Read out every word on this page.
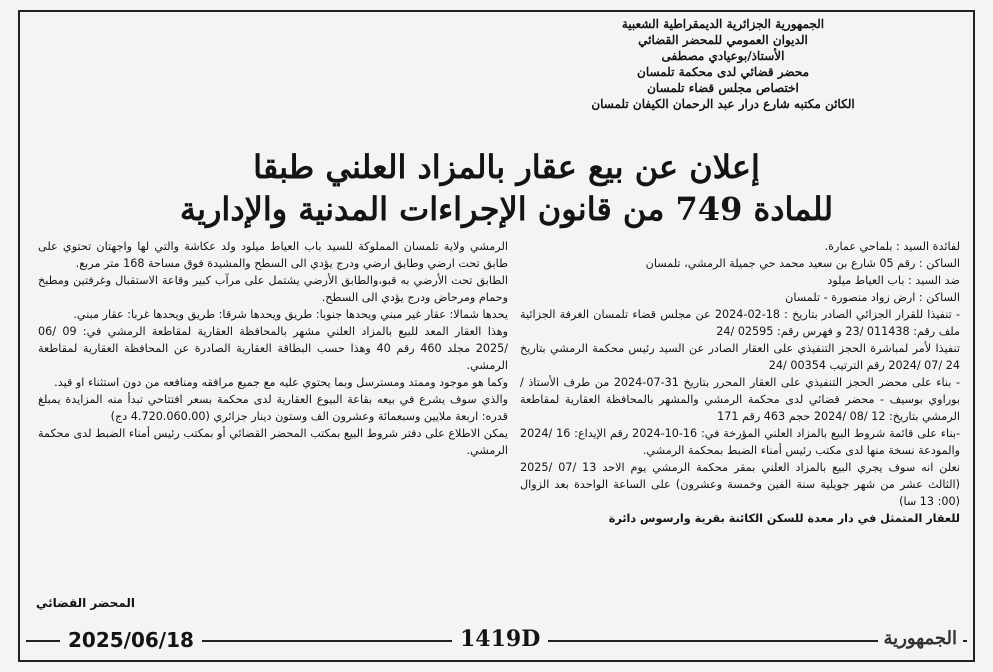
الجمهورية الجزائرية الديمقراطية الشعبية
الديوان العمومي للمحضر القضائي
الأستاذ/بوعيادي مصطفى
محضر قضائي لدى محكمة تلمسان
اختصاص مجلس قضاء تلمسان
الكائن مكتبه شارع درار عبد الرحمان الكيفان تلمسان
إعلان عن بيع عقار بالمزاد العلني طبقا
للمادة 749 من قانون الإجراءات المدنية والإدارية

لفائدة السيد : بلماحي عمارة.

الساكن : رقم 05 شارع بن سعيد محمد حي جميلة الرمشي، تلمسان

ضد السيد : باب العياط ميلود

الساكن : ارض زواد منصورة - تلمسان

- تنفيذا للقرار الجزائي الصادر بتاريخ : 18-02-2024 عن مجلس قضاء تلمسان الغرفة الجزائية ملف رقم: 011438 /23 و فهرس رقم: 02595 /24

تنفيذا لأمر لمباشرة الحجز التنفيذي على العقار الصادر عن السيد رئيس محكمة الرمشي بتاريخ 24 /07 /2024 رقم الترتيب 00354 /24

- بناء على محضر الحجز التنفيذي على العقار المحرر بتاريخ 31-07-2024 من طرف الأستاذ / بوراوي بوسيف - محضر قضائي لدى محكمة الرمشي والمشهر بالمحافظة العقارية لمقاطعة الرمشي بتاريخ: 12 /08 /2024 حجم 463 رقم 171

-بناء على قائمة شروط البيع بالمزاد العلني المؤرخة في: 16-10-2024 رقم الإيداع: 16 /2024 والمودعة نسخة منها لدى مكتب رئيس أمناء الضبط بمحكمة الرمشي.

نعلن انه سوف يجري البيع بالمزاد العلني بمقر محكمة الرمشي يوم الاحد 13 /07 /2025 (الثالث عشر من شهر جويلية سنة الفين وخمسة وعشرون) على الساعة الواحدة بعد الزوال (00: 13 سا)

للعقار المتمثل في دار معدة للسكن الكائنة بقرية وارسوس دائرة

الرمشي ولاية تلمسان المملوكة للسيد باب العياط ميلود ولد عكاشة والتي لها واجهتان تحتوي على طابق تحت ارضي وطابق ارضي ودرج يؤدي الى السطح والمشيدة فوق مساحة 168 متر مربع.

الطابق تحت الأرضي به قبو،والطابق الأرضي يشتمل على مرآب كبير وقاعة الاستقبال وغرفتين ومطبخ وحمام ومرحاض ودرج يؤدي الى السطح.

يحدها شمالا: عقار غير مبني ويحدها جنوبا: طريق ويحدها شرقا: طريق ويحدها غربا: عقار مبني.

وهذا العقار المعد للبيع بالمزاد العلني مشهر بالمحافظة العقارية لمقاطعة الرمشي في: 09 /06 /2025 مجلد 460 رقم 40 وهذا حسب البطاقة العقارية الصادرة عن المحافظة العقارية لمقاطعة الرمشي.

وكما هو موجود وممتد ومسترسل وبما يحتوي عليه مع جميع مرافقه ومنافعه من دون استثناء او قيد.

والذي سوف يشرع في بيعه بقاعة البيوع العقارية لدى محكمة بسعر افتتاحي تبدأ منه المزايدة يمبلغ قدره: اربعة ملايين وسبعمائة وعشرون الف وستون دينار جزائري (4.720.060.00 دج)

يمكن الاطلاع على دفتر شروط البيع بمكتب المحضر القضائي أو بمكتب رئيس أمناء الضبط لدى محكمة الرمشي.

المحضر القضائي
2025/06/18	1419D	الجمهورية
